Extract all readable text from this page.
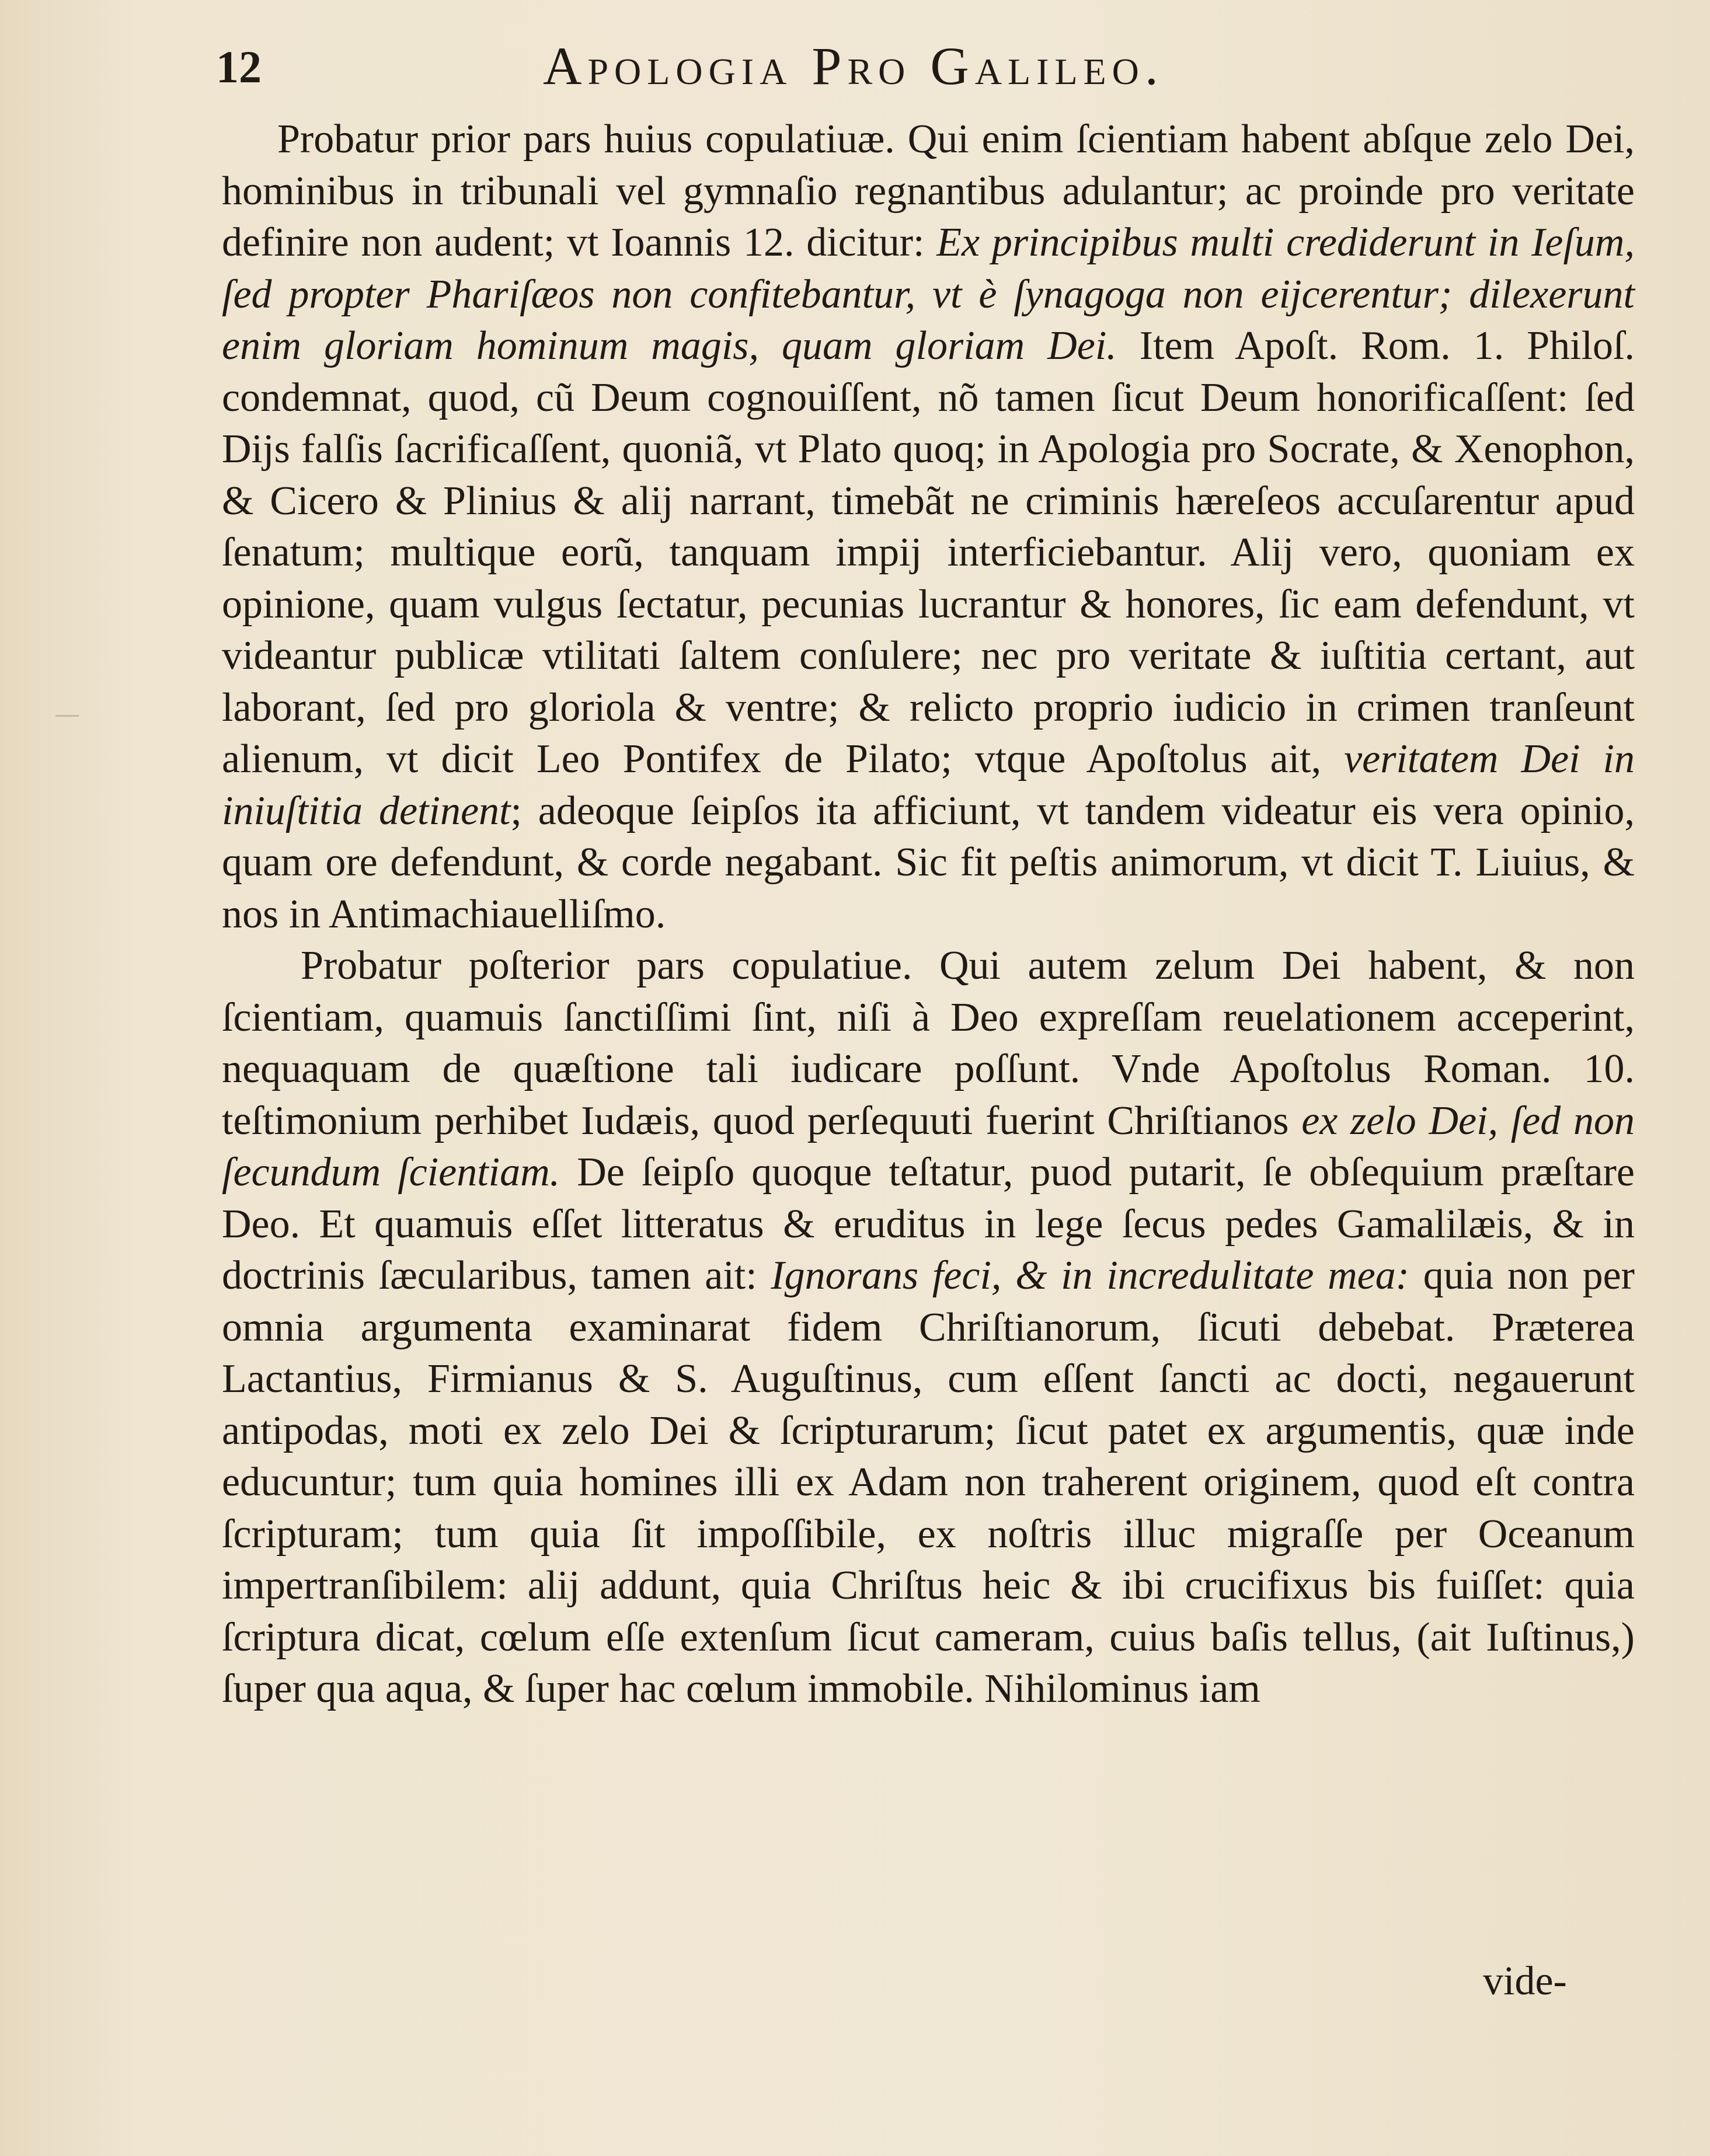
12	Apologia Pro Galileo.

Probatur prior pars huius copulatiuæ. Qui enim ſcientiam habent abſque zelo Dei, hominibus in tribunali vel gymnaſio regnantibus adulantur; ac proinde pro veritate definire non audent; vt Ioannis 12. dicitur: Ex principibus multi crediderunt in Ieſum, ſed propter Phariſæos non confitebantur, vt è ſynagoga non eijcerentur; dilexerunt enim gloriam hominum magis, quam gloriam Dei. Item Apoſt. Rom. 1. Philoſ. condemnat, quod, cũ Deum cognouiſſent, nõ tamen ſicut Deum honorificaſſent: ſed Dijs falſis ſacrificaſſent, quoniã, vt Plato quoq; in Apologia pro Socrate, & Xenophon, & Cicero & Plinius & alij narrant, timebãt ne criminis hæreſeos accuſarentur apud ſenatum; multique eorũ, tanquam impij interficiebantur. Alij vero, quoniam ex opinione, quam vulgus ſectatur, pecunias lucrantur & honores, ſic eam defendunt, vt videantur publicæ vtilitati ſaltem conſulere; nec pro veritate & iuſtitia certant, aut laborant, ſed pro gloriola & ventre; & relicto proprio iudicio in crimen tranſeunt alienum, vt dicit Leo Pontifex de Pilato; vtque Apoſtolus ait, veritatem Dei in iniuſtitia detinent; adeoque ſeipſos ita afficiunt, vt tandem videatur eis vera opinio, quam ore defendunt, & corde negabant. Sic fit peſtis animorum, vt dicit T. Liuius, & nos in Antimachiauelliſmo.

Probatur poſterior pars copulatiue. Qui autem zelum Dei habent, & non ſcientiam, quamuis ſanctiſſimi ſint, niſi à Deo expreſſam reuelationem acceperint, nequaquam de quæſtione tali iudicare poſſunt. Vnde Apoſtolus Roman. 10. teſtimonium perhibet Iudæis, quod perſequuti fuerint Chriſtianos ex zelo Dei, ſed non ſecundum ſcientiam. De ſeipſo quoque teſtatur, puod putarit, ſe obſequium præſtare Deo. Et quamuis eſſet litteratus & eruditus in lege ſecus pedes Gamalilæis, & in doctrinis ſæcularibus, tamen ait: Ignorans feci, & in incredulitate mea: quia non per omnia argumenta examinarat fidem Chriſtianorum, ſicuti debebat. Præterea Lactantius, Firmianus & S. Auguſtinus, cum eſſent ſancti ac docti, negauerunt antipodas, moti ex zelo Dei & ſcripturarum; ſicut patet ex argumentis, quæ inde educuntur; tum quia homines illi ex Adam non traherent originem, quod eſt contra ſcripturam; tum quia ſit impoſſibile, ex noſtris illuc migraſſe per Oceanum impertranſibilem: alij addunt, quia Chriſtus heic & ibi crucifixus bis fuiſſet: quia ſcriptura dicat, cœlum eſſe extenſum ſicut cameram, cuius baſis tellus, (ait Iuſtinus,) ſuper qua aqua, & ſuper hac cœlum immobile. Nihilominus iam

vide-
